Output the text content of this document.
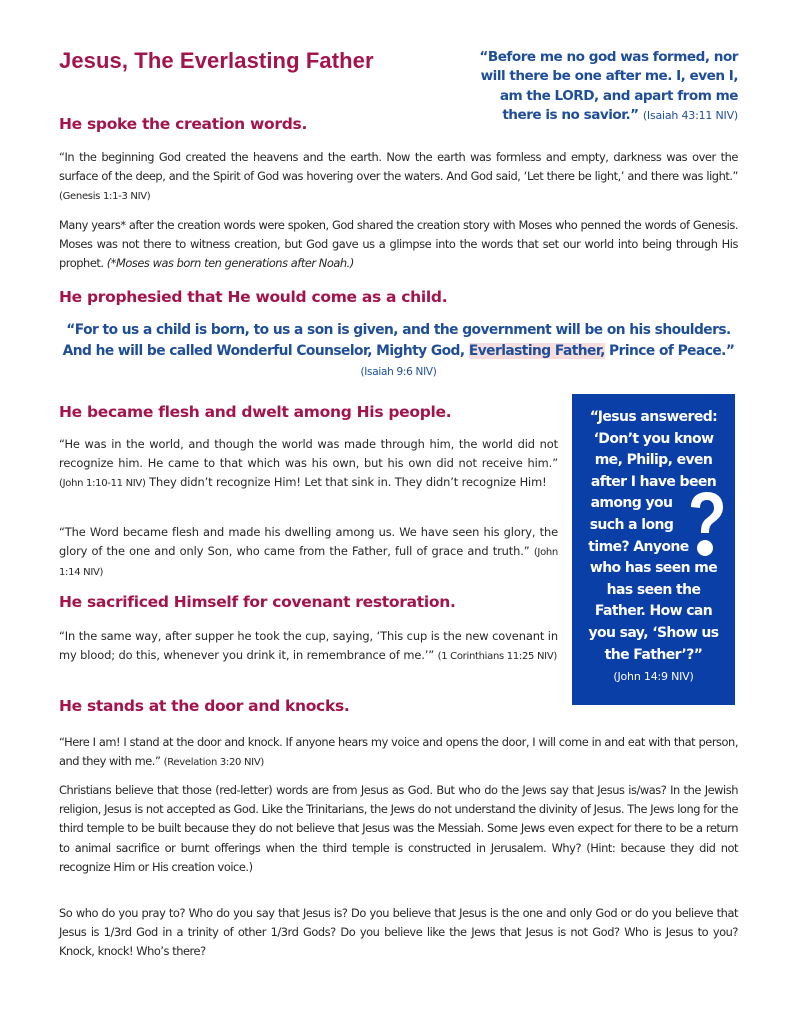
Jesus, The Everlasting Father	“Before me no god was formed, nor
will there be one after me. I, even I,
am the LORD, and apart from me
there is no savior.” (Isaiah 43:11 NIV)
He spoke the creation words.

“In the beginning God created the heavens and the earth. Now the earth was formless and empty, darkness was over the surface of the deep, and the Spirit of God was hovering over the waters. And God said, ‘Let there be light,’ and there was light.” (Genesis 1:1-3 NIV)

Many years* after the creation words were spoken, God shared the creation story with Moses who penned the words of Genesis. Moses was not there to witness creation, but God gave us a glimpse into the words that set our world into being through His prophet. (*Moses was born ten generations after Noah.)

He prophesied that He would come as a child.
“For to us a child is born, to us a son is given, and the government will be on his shoulders. And he will be called Wonderful Counselor, Mighty God, Everlasting Father, Prince of Peace.” (Isaiah 9:6 NIV)
He became flesh and dwelt among His people.

“He was in the world, and though the world was made through him, the world did not recognize him. He came to that which was his own, but his own did not receive him.” (John 1:10-11 NIV) They didn’t recognize Him! Let that sink in. They didn’t recognize Him!

“The Word became flesh and made his dwelling among us. We have seen his glory, the glory of the one and only Son, who came from the Father, full of grace and truth.” (John 1:14 NIV)

He sacrificed Himself for covenant restoration.

“In the same way, after supper he took the cup, saying, ‘This cup is the new covenant in my blood; do this, whenever you drink it, in remembrance of me.’” (1 Corinthians 11:25 NIV)

“Jesus answered:
‘Don’t you know
me, Philip, even
after I have been
among you
such a long
time? Anyone
who has seen me
has seen the
Father. How can
you say, ‘Show us
the Father’?”
(John 14:9 NIV)
He stands at the door and knocks.

“Here I am! I stand at the door and knock. If anyone hears my voice and opens the door, I will come in and eat with that person, and they with me.” (Revelation 3:20 NIV)

Christians believe that those (red-letter) words are from Jesus as God. But who do the Jews say that Jesus is/was? In the Jewish religion, Jesus is not accepted as God. Like the Trinitarians, the Jews do not understand the divinity of Jesus. The Jews long for the third temple to be built because they do not believe that Jesus was the Messiah. Some Jews even expect for there to be a return to animal sacrifice or burnt offerings when the third temple is constructed in Jerusalem. Why? (Hint: because they did not recognize Him or His creation voice.)

So who do you pray to? Who do you say that Jesus is? Do you believe that Jesus is the one and only God or do you believe that Jesus is 1/3rd God in a trinity of other 1/3rd Gods? Do you believe like the Jews that Jesus is not God? Who is Jesus to you? Knock, knock! Who’s there?
